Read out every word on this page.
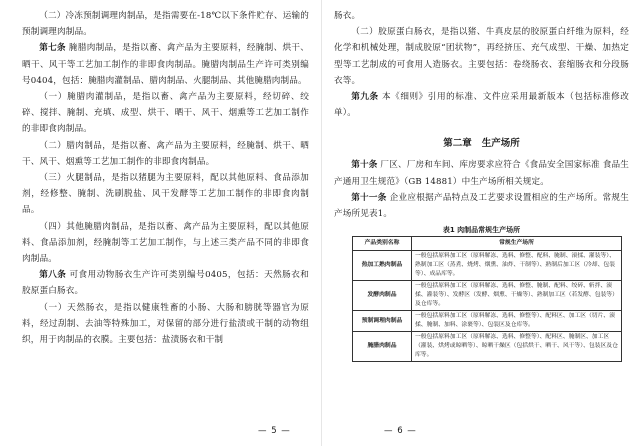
（二）冷冻预制调理肉制品，是指需要在-18℃以下条件贮存、运输的预制调理肉制品。

第七条 腌腊肉制品，是指以畜、禽产品为主要原料，经腌制、烘干、晒干、风干等工艺加工制作的非即食肉制品。腌腊肉制品生产许可类别编号0404，包括：腌腊肉灌制品、腊肉制品、火腿制品、其他腌腊肉制品。

（一）腌腊肉灌制品，是指以畜、禽产品为主要原料，经切碎、绞碎、搅拌、腌制、充填、成型、烘干、晒干、风干、烟熏等工艺加工制作的非即食肉制品。

（二）腊肉制品，是指以畜、禽产品为主要原料，经腌制、烘干、晒干、风干、烟熏等工艺加工制作的非即食肉制品。

（三）火腿制品，是指以猪腿为主要原料，配以其他原料、食品添加剂，经修整、腌制、洗刷脱盐、风干发酵等工艺加工制作的非即食肉制品。

（四）其他腌腊肉制品，是指以畜、禽产品为主要原料，配以其他原料、食品添加剂，经腌制等工艺加工制作，与上述三类产品不同的非即食肉制品。

第八条 可食用动物肠衣生产许可类别编号0405，包括：天然肠衣和胶原蛋白肠衣。

（一）天然肠衣，是指以健康牲畜的小肠、大肠和膀胱等器官为原料，经过刮制、去油等特殊加工，对保留的部分进行盐渍或干制的动物组织，用于肉制品的衣膜。主要包括：盐渍肠衣和干制

— 5 —

肠衣。

（二）胶原蛋白肠衣，是指以猪、牛真皮层的胶原蛋白纤维为原料，经化学和机械处理，制成胶原“团状物”，再经挤压、充气成型、干燥、加热定型等工艺制成的可食用人造肠衣。主要包括：卷绕肠衣、套缩肠衣和分段肠衣等。

第九条 本《细则》引用的标准、文件应采用最新版本（包括标准修改单）。

第二章 生产场所

第十条 厂区、厂房和车间、库房要求应符合《食品安全国家标准 食品生产通用卫生规范》（GB 14881）中生产场所相关规定。

第十一条 企业应根据产品特点及工艺要求设置相应的生产场所。常规生产场所见表1。

表1 肉制品常规生产场所
产品类别名称	常规生产场所
热加工熟肉制品	一般包括原料加工区（原料解冻、选料、修整、配料、腌制、滚揉、灌装等）、熟制加工区（蒸煮、烧烤、烟熏、油炸、干制等）、熟制后加工区（冷却、包装等）、成品库等。
发酵肉制品	一般包括原料加工区（原料解冻、选料、修整、腌制、配料、绞碎、斩拌、滚揉、灌装等）、发酵区（发酵、烟熏、干燥等）、熟制加工区（若发酵、包装等）及仓库等。
预制调理肉制品	一般包括原料加工区（原料解冻、选料、修整等）、配料区、加工区（切片、滚揉、腌制、加料、涂裹等）、包装区及仓库等。
腌腊肉制品	一般包括原料加工区（原料解冻、选料、修整等）、配料区、腌制区、加工区（灌装、烘烤或晾晒等）、晾晒干燥区（包括烘干、晒干、风干等）、包装区及仓库等。
— 6 —
